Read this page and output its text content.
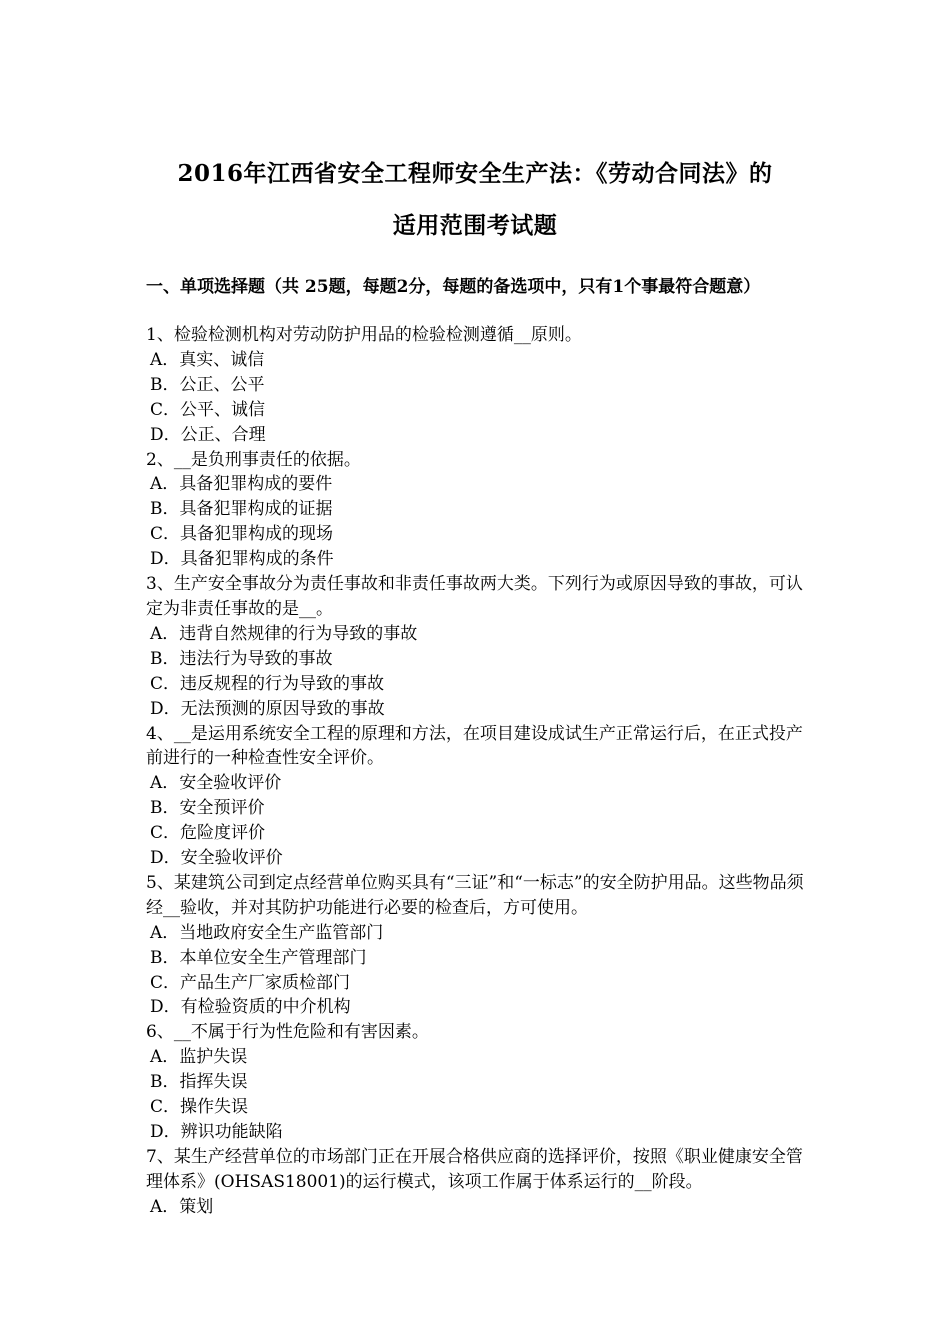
2016年江西省安全工程师安全生产法：《劳动合同法》的
适用范围考试题
一、单项选择题（共 25题，每题2分，每题的备选项中，只有1个事最符合题意）

1、检验检测机构对劳动防护用品的检验检测遵循__原则。

A．真实、诚信

B．公正、公平

C．公平、诚信

D．公正、合理

2、__是负刑事责任的依据。

A．具备犯罪构成的要件

B．具备犯罪构成的证据

C．具备犯罪构成的现场

D．具备犯罪构成的条件

3、生产安全事故分为责任事故和非责任事故两大类。下列行为或原因导致的事故，可认定为非责任事故的是__。

A．违背自然规律的行为导致的事故

B．违法行为导致的事故

C．违反规程的行为导致的事故

D．无法预测的原因导致的事故

4、__是运用系统安全工程的原理和方法，在项目建设成试生产正常运行后，在正式投产前进行的一种检查性安全评价。

A．安全验收评价

B．安全预评价

C．危险度评价

D．安全验收评价

5、某建筑公司到定点经营单位购买具有“三证”和“一标志”的安全防护用品。这些物品须经__验收，并对其防护功能进行必要的检查后，方可使用。

A．当地政府安全生产监管部门

B．本单位安全生产管理部门

C．产品生产厂家质检部门

D．有检验资质的中介机构

6、__不属于行为性危险和有害因素。

A．监护失误

B．指挥失误

C．操作失误

D．辨识功能缺陷

7、某生产经营单位的市场部门正在开展合格供应商的选择评价，按照《职业健康安全管理体系》(OHSAS18001)的运行模式，该项工作属于体系运行的__阶段。

A．策划
